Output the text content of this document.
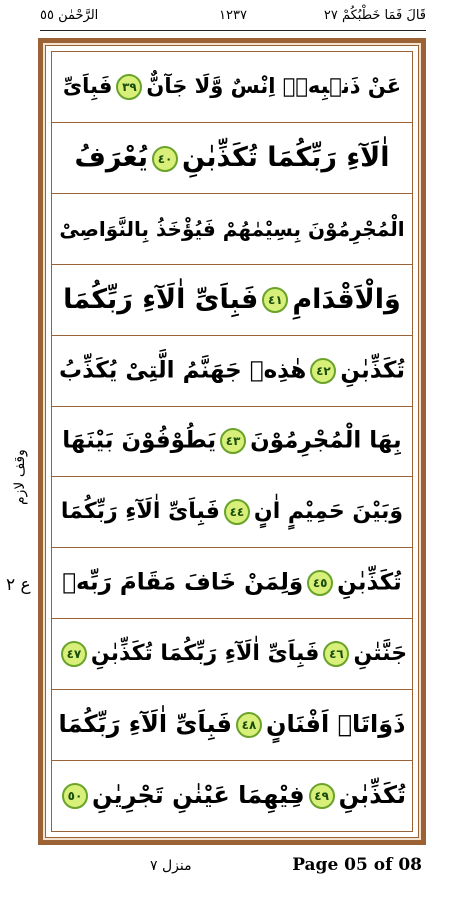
قَالَ فَمَا خَطْبُكُمْ ٢٧
١٢٣٧
الرَّحْمٰن ٥٥
عَنْ ذَنۢبِهٖۤ اِنْسٌ وَّلَا جَآنٌّ٣٩فَبِاَیِّ
اٰلَآءِ رَبِّكُمَا تُكَذِّبٰنِ٤٠یُعْرَفُ
الْمُجْرِمُوْنَ بِسِیْمٰهُمْ فَیُؤْخَذُ بِالنَّوَاصِیْ
وَالْاَقْدَامِ٤١فَبِاَیِّ اٰلَآءِ رَبِّكُمَا
تُكَذِّبٰنِ٤٢هٰذِهٖ جَهَنَّمُ الَّتِیْ یُكَذِّبُ
بِهَا الْمُجْرِمُوْنَ٤٣یَطُوْفُوْنَ بَیْنَهَا
وَبَیْنَ حَمِیْمٍ اٰنٍ٤٤فَبِاَیِّ اٰلَآءِ رَبِّكُمَا
تُكَذِّبٰنِ٤٥وَلِمَنْ خَافَ مَقَامَ رَبِّهٖ
جَنَّتٰنِ٤٦فَبِاَیِّ اٰلَآءِ رَبِّكُمَا تُكَذِّبٰنِ٤٧
ذَوَاتَاۤ اَفْنَانٍ٤٨فَبِاَیِّ اٰلَآءِ رَبِّكُمَا
تُكَذِّبٰنِ٤٩فِیْهِمَا عَیْنٰنِ تَجْرِیٰنِ٥٠
وقف لازم
ع ٢
منزل ٧	Page 05 of 08
